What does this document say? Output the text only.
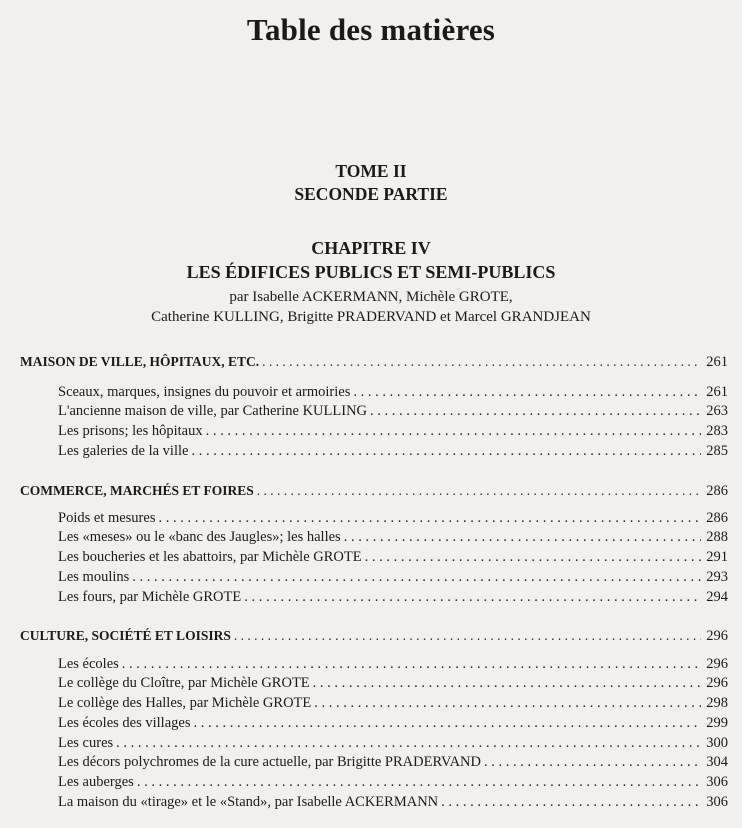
Table des matières
TOME II
SECONDE PARTIE
CHAPITRE IV
LES ÉDIFICES PUBLICS ET SEMI-PUBLICS
par Isabelle ACKERMANN, Michèle GROTE,
Catherine KULLING, Brigitte PRADERVAND et Marcel GRANDJEAN
MAISON DE VILLE, HÔPITAUX, ETC. . . .	261
Sceaux, marques, insignes du pouvoir et armoiries . . .	261
L'ancienne maison de ville, par Catherine KULLING . . .	263
Les prisons; les hôpitaux . . .	283
Les galeries de la ville . . .	285
COMMERCE, MARCHÉS ET FOIRES . . .	286
Poids et mesures . . .	286
Les «meses» ou le «banc des Jaugles»; les halles . . .	288
Les boucheries et les abattoirs, par Michèle GROTE . . .	291
Les moulins . . .	293
Les fours, par Michèle GROTE . . .	294
CULTURE, SOCIÉTÉ ET LOISIRS . . .	296
Les écoles . . .	296
Le collège du Cloître, par Michèle GROTE . . .	296
Le collège des Halles, par Michèle GROTE . . .	298
Les écoles des villages . . .	299
Les cures . . .	300
Les décors polychromes de la cure actuelle, par Brigitte PRADERVAND . . .	304
Les auberges . . .	306
La maison du «tirage» et le «Stand», par Isabelle ACKERMANN . . .	306
